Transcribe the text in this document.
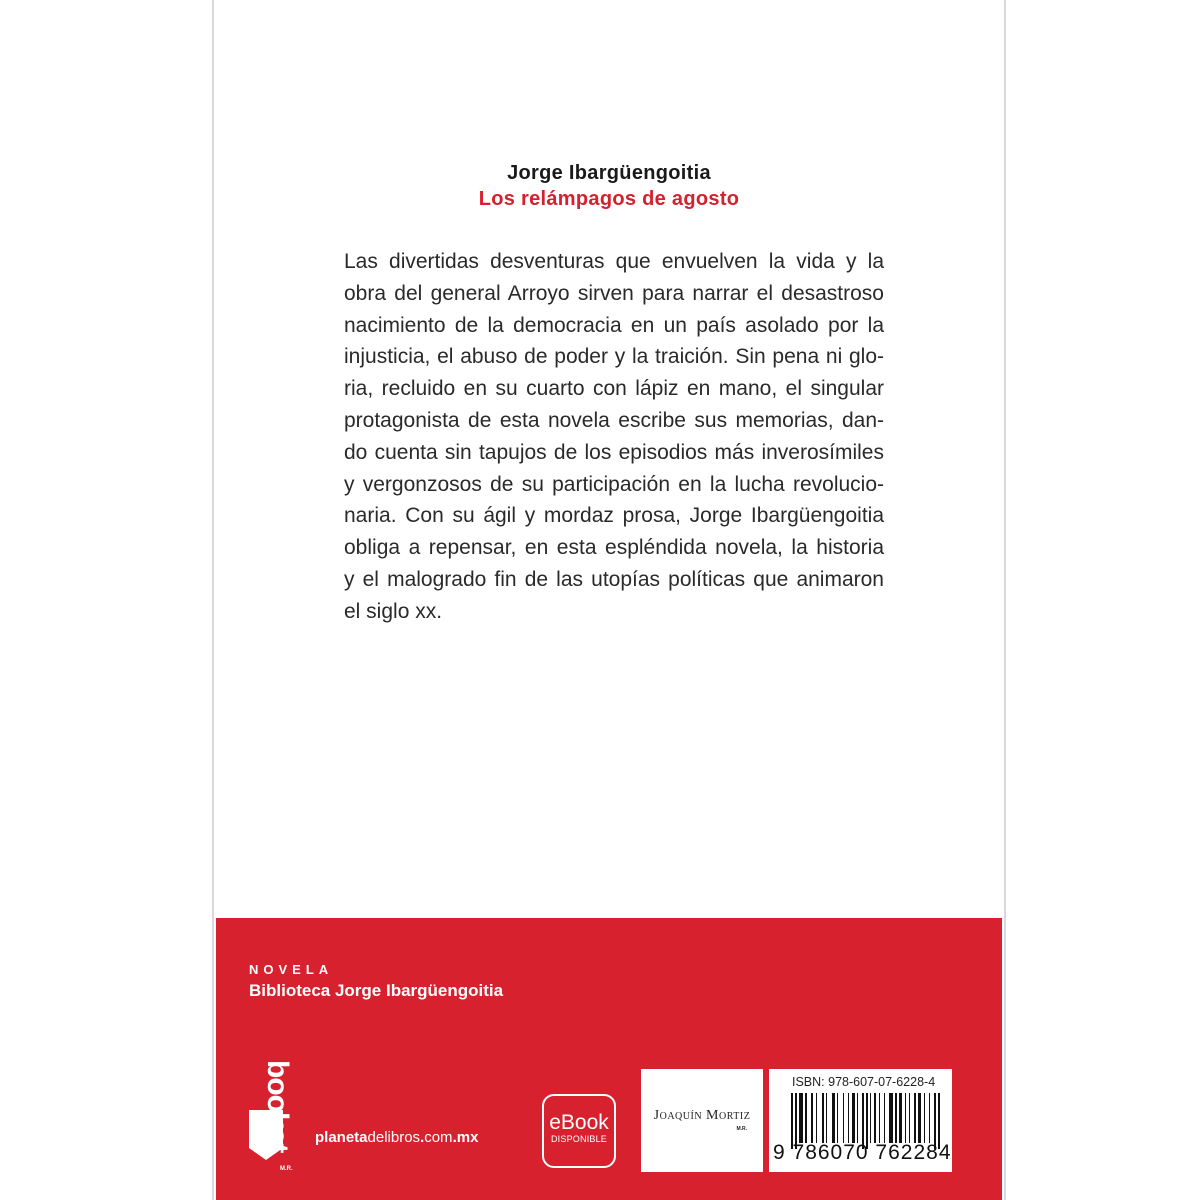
Jorge Ibargüengoitia
Los relámpagos de agosto
Las divertidas desventuras que envuelven la vida y la
obra del general Arroyo sirven para narrar el desastroso
nacimiento de la democracia en un país asolado por la
injusticia, el abuso de poder y la traición. Sin pena ni glo-
ria, recluido en su cuarto con lápiz en mano, el singular
protagonista de esta novela escribe sus memorias, dan-
do cuenta sin tapujos de los episodios más inverosímiles
y vergonzosos de su participación en la lucha revolucio-
naria. Con su ágil y mordaz prosa, Jorge Ibargüengoitia
obliga a repensar, en esta espléndida novela, la historia
y el malogrado fin de las utopías políticas que animaron
el siglo xx.
NOVELA
Biblioteca Jorge Ibargüengoitia
booket
M.R.
planetadelibros.com.mx
eBook
DISPONIBLE
Joaquín Mortiz
M.R.
ISBN: 978-607-07-6228-4
9 786070 762284
